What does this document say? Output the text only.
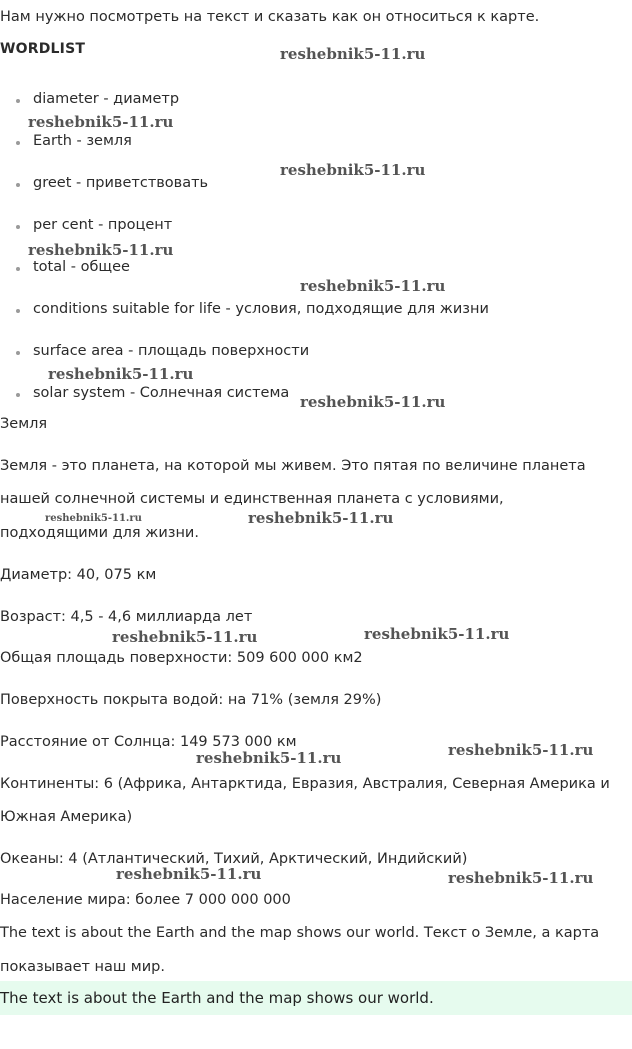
Нам нужно посмотреть на текст и сказать как он относиться к карте.
WORDLIST
diameter - диаметр
Earth - земля
greet - приветствовать
per cent - процент
total - общее
conditions suitable for life - условия, подходящие для жизни
surface area - площадь поверхности
solar system - Солнечная система
Земля
Земля - это планета, на которой мы живем. Это пятая по величине планета
нашей солнечной системы и единственная планета с условиями,
подходящими для жизни.
Диаметр: 40, 075 км
Возраст: 4,5 - 4,6 миллиарда лет
Общая площадь поверхности: 509 600 000 км2
Поверхность покрыта водой: на 71% (земля 29%)
Расстояние от Солнца: 149 573 000 км
Континенты: 6 (Африка, Антарктида, Евразия, Австралия, Северная Америка и
Южная Америка)
Океаны: 4 (Атлантический, Тихий, Арктический, Индийский)
Население мира: более 7 000 000 000
The text is about the Earth and the map shows our world. Текст о Земле, а карта
показывает наш мир.
The text is about the Earth and the map shows our world.
reshebnik5-11.ru
reshebnik5-11.ru
reshebnik5-11.ru
reshebnik5-11.ru
reshebnik5-11.ru
reshebnik5-11.ru
reshebnik5-11.ru
reshebnik5-11.ru	reshebnik5-11.ru
reshebnik5-11.ru	reshebnik5-11.ru
reshebnik5-11.ru	reshebnik5-11.ru
reshebnik5-11.ru	reshebnik5-11.ru
